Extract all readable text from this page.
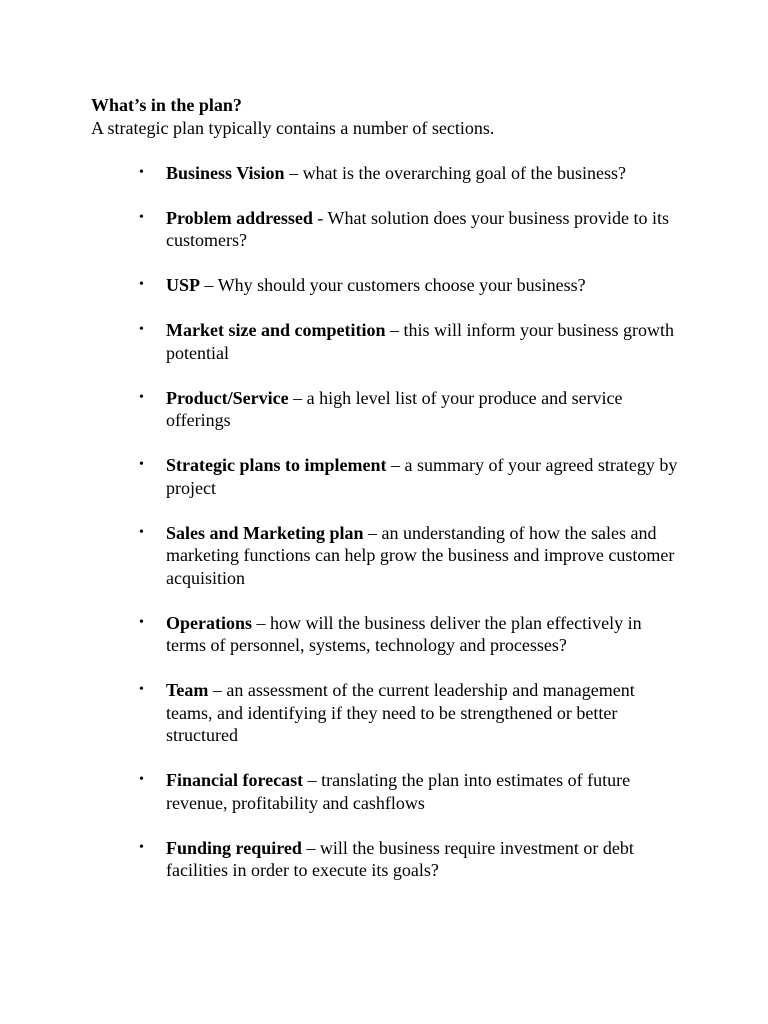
What’s in the plan?
A strategic plan typically contains a number of sections.
• Business Vision – what is the overarching goal of the business?
• Problem addressed - What solution does your business provide to its customers?
• USP – Why should your customers choose your business?
• Market size and competition – this will inform your business growth potential
• Product/Service – a high level list of your produce and service offerings
• Strategic plans to implement – a summary of your agreed strategy by project
• Sales and Marketing plan – an understanding of how the sales and marketing functions can help grow the business and improve customer acquisition
• Operations – how will the business deliver the plan effectively in terms of personnel, systems, technology and processes?
• Team – an assessment of the current leadership and management teams, and identifying if they need to be strengthened or better structured
• Financial forecast – translating the plan into estimates of future revenue, profitability and cashflows
• Funding required – will the business require investment or debt facilities in order to execute its goals?
